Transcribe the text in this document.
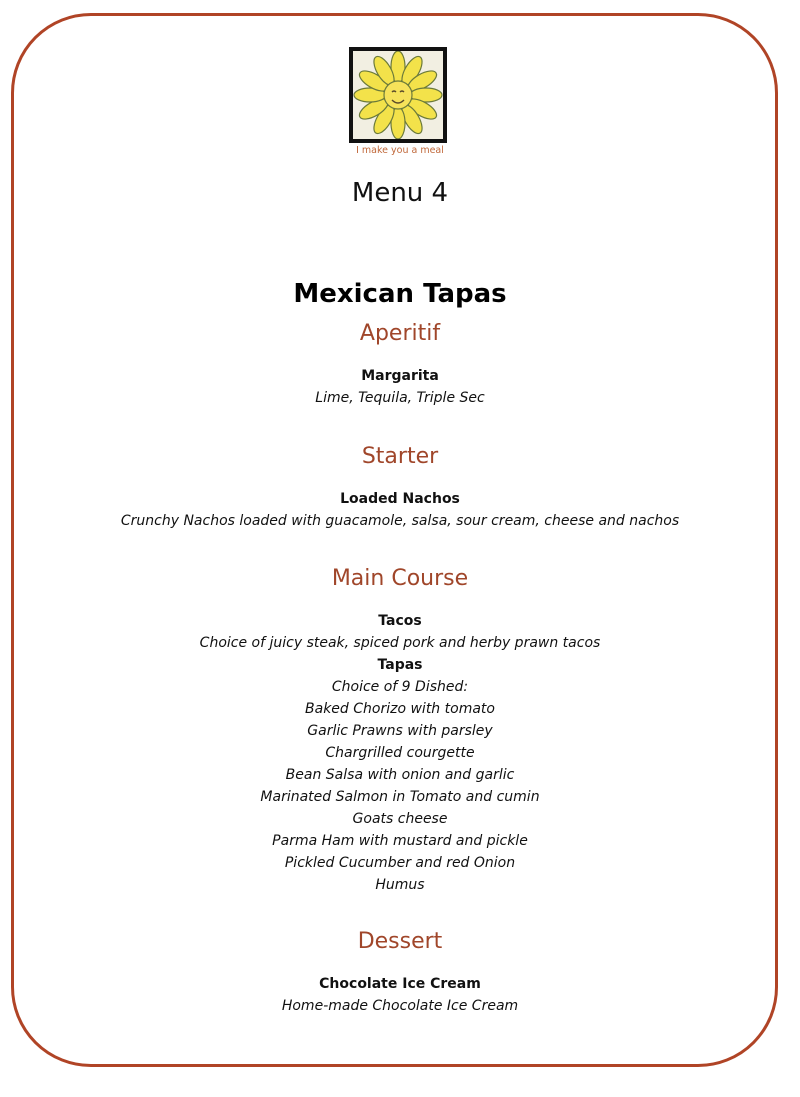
I make you a meal
Menu 4
Mexican Tapas
Aperitif
Margarita
Lime, Tequila, Triple Sec
Starter
Loaded Nachos
Crunchy Nachos loaded with guacamole, salsa, sour cream, cheese and nachos
Main Course
Tacos
Choice of juicy steak, spiced pork and herby prawn tacos
Tapas
Choice of 9 Dished:
Baked Chorizo with tomato
Garlic Prawns with parsley
Chargrilled courgette
Bean Salsa with onion and garlic
Marinated Salmon in Tomato and cumin
Goats cheese
Parma Ham with mustard and pickle
Pickled Cucumber and red Onion
Humus
Dessert
Chocolate Ice Cream
Home-made Chocolate Ice Cream
